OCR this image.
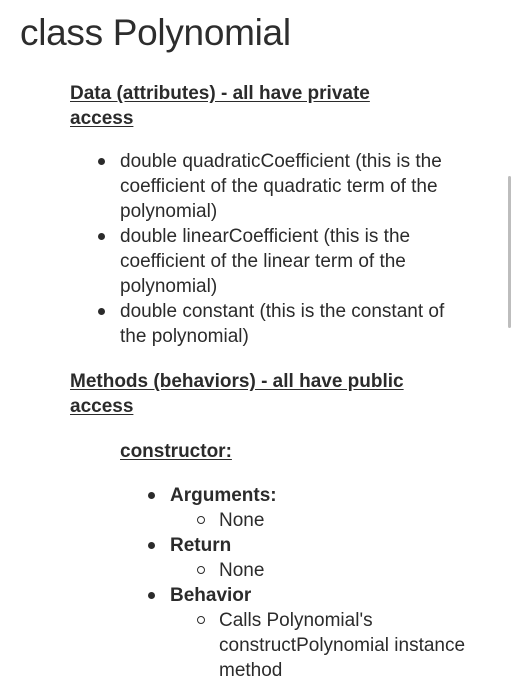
class Polynomial
Data (attributes) - all have private access
double quadraticCoefficient (this is the coefficient of the quadratic term of the polynomial)
double linearCoefficient (this is the coefficient of the linear term of the polynomial)
double constant (this is the constant of the polynomial)
Methods (behaviors) - all have public access
constructor:
Arguments:
None
Return
None
Behavior
Calls Polynomial's constructPolynomial instance method
